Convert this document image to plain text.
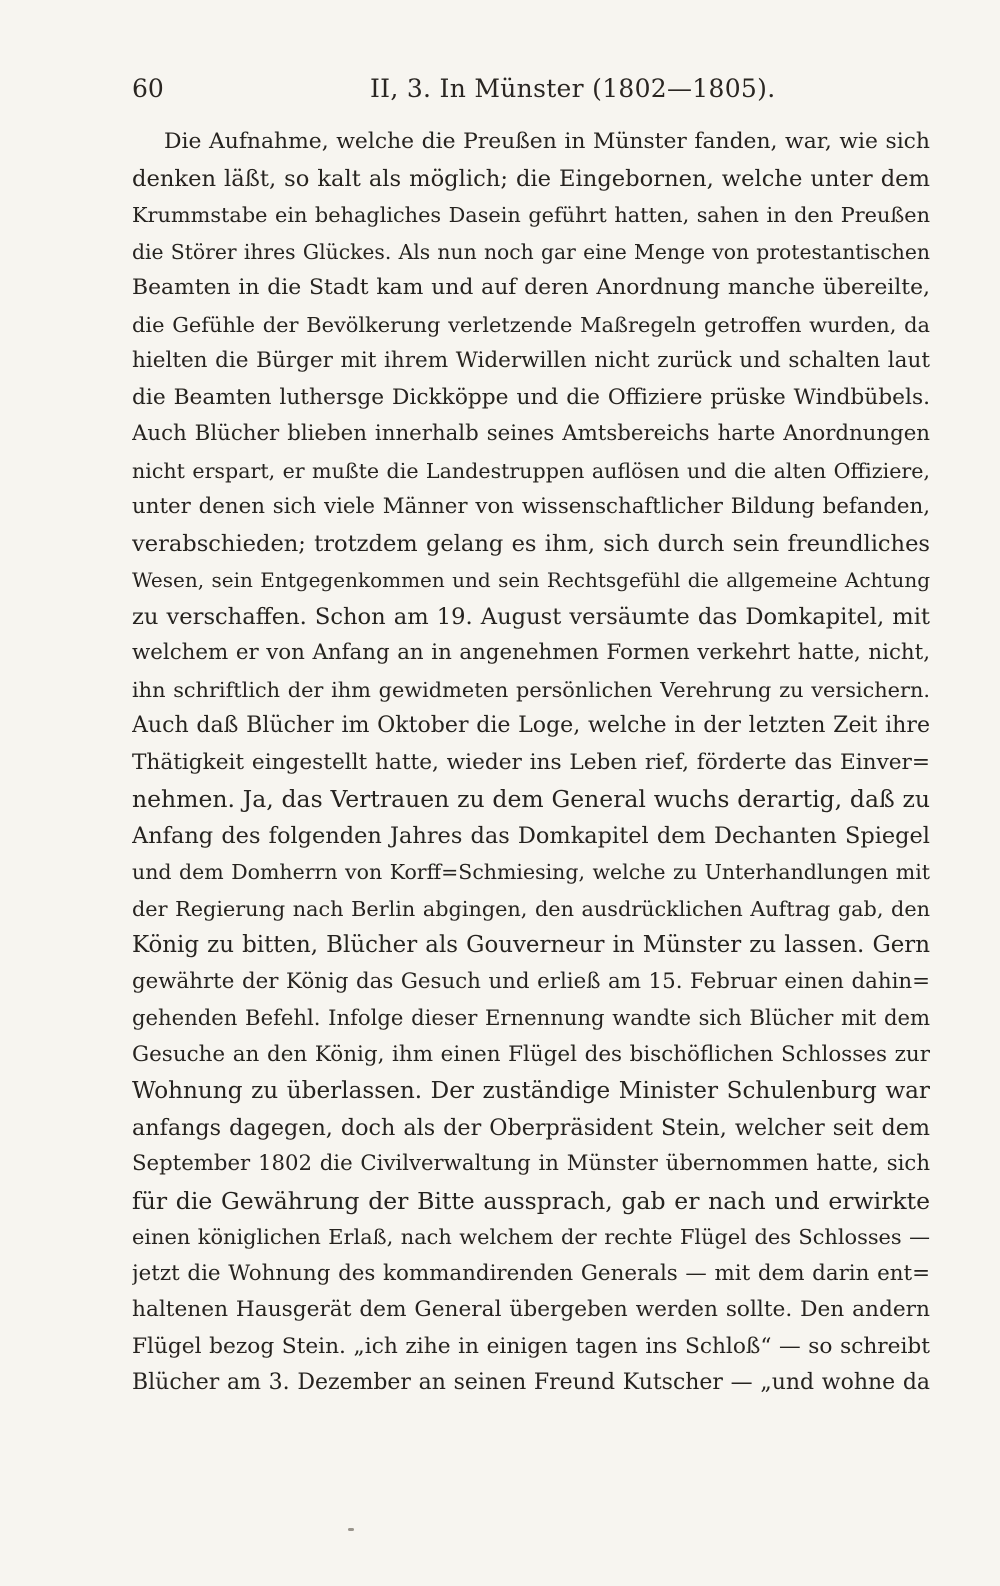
60	II, 3. In Münster (1802—1805).
Die Aufnahme, welche die Preußen in Münster fanden, war, wie sich
denken läßt, so kalt als möglich; die Eingebornen, welche unter dem
Krummstabe ein behagliches Dasein geführt hatten, sahen in den Preußen
die Störer ihres Glückes. Als nun noch gar eine Menge von protestantischen
Beamten in die Stadt kam und auf deren Anordnung manche übereilte,
die Gefühle der Bevölkerung verletzende Maßregeln getroffen wurden, da
hielten die Bürger mit ihrem Widerwillen nicht zurück und schalten laut
die Beamten luthersge Dickköppe und die Offiziere prüske Windbübels.
Auch Blücher blieben innerhalb seines Amtsbereichs harte Anordnungen
nicht erspart, er mußte die Landestruppen auflösen und die alten Offiziere,
unter denen sich viele Männer von wissenschaftlicher Bildung befanden,
verabschieden; trotzdem gelang es ihm, sich durch sein freundliches
Wesen, sein Entgegenkommen und sein Rechtsgefühl die allgemeine Achtung
zu verschaffen. Schon am 19. August versäumte das Domkapitel, mit
welchem er von Anfang an in angenehmen Formen verkehrt hatte, nicht,
ihn schriftlich der ihm gewidmeten persönlichen Verehrung zu versichern.
Auch daß Blücher im Oktober die Loge, welche in der letzten Zeit ihre
Thätigkeit eingestellt hatte, wieder ins Leben rief, förderte das Einver=
nehmen. Ja, das Vertrauen zu dem General wuchs derartig, daß zu
Anfang des folgenden Jahres das Domkapitel dem Dechanten Spiegel
und dem Domherrn von Korff=Schmiesing, welche zu Unterhandlungen mit
der Regierung nach Berlin abgingen, den ausdrücklichen Auftrag gab, den
König zu bitten, Blücher als Gouverneur in Münster zu lassen. Gern
gewährte der König das Gesuch und erließ am 15. Februar einen dahin=
gehenden Befehl. Infolge dieser Ernennung wandte sich Blücher mit dem
Gesuche an den König, ihm einen Flügel des bischöflichen Schlosses zur
Wohnung zu überlassen. Der zuständige Minister Schulenburg war
anfangs dagegen, doch als der Oberpräsident Stein, welcher seit dem
September 1802 die Civilverwaltung in Münster übernommen hatte, sich
für die Gewährung der Bitte aussprach, gab er nach und erwirkte
einen königlichen Erlaß, nach welchem der rechte Flügel des Schlosses —
jetzt die Wohnung des kommandirenden Generals — mit dem darin ent=
haltenen Hausgerät dem General übergeben werden sollte. Den andern
Flügel bezog Stein. „ich zihe in einigen tagen ins Schloß“ — so schreibt
Blücher am 3. Dezember an seinen Freund Kutscher — „und wohne da
